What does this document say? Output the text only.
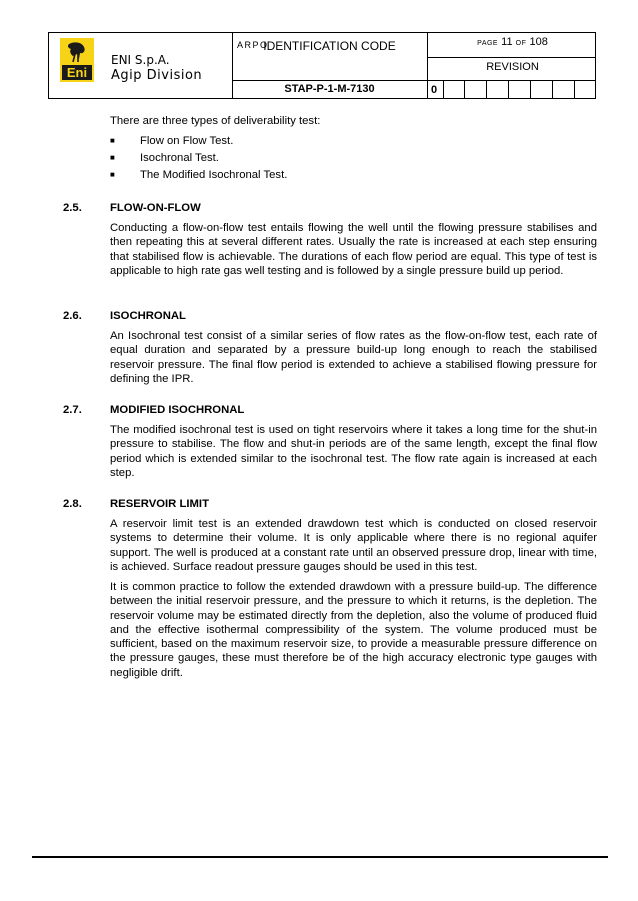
Eni
ARPO
ENI S.p.A.
Agip Division
IDENTIFICATION CODE
STAP-P-1-M-7130
PAGE 11 OF 108
REVISION
0

There are three types of deliverability test:

■ Flow on Flow Test.
■ Isochronal Test.
■ The Modified Isochronal Test.
2.5. FLOW-ON-FLOW

Conducting a flow-on-flow test entails flowing the well until the flowing pressure stabilises and then repeating this at several different rates. Usually the rate is increased at each step ensuring that stabilised flow is achievable. The durations of each flow period are equal. This type of test is applicable to high rate gas well testing and is followed by a single pressure build up period.

2.6. ISOCHRONAL

An Isochronal test consist of a similar series of flow rates as the flow-on-flow test, each rate of equal duration and separated by a pressure build-up long enough to reach the stabilised reservoir pressure. The final flow period is extended to achieve a stabilised flowing pressure for defining the IPR.

2.7. MODIFIED ISOCHRONAL

The modified isochronal test is used on tight reservoirs where it takes a long time for the shut-in pressure to stabilise. The flow and shut-in periods are of the same length, except the final flow period which is extended similar to the isochronal test. The flow rate again is increased at each step.

2.8. RESERVOIR LIMIT

A reservoir limit test is an extended drawdown test which is conducted on closed reservoir systems to determine their volume. It is only applicable where there is no regional aquifer support. The well is produced at a constant rate until an observed pressure drop, linear with time, is achieved. Surface readout pressure gauges should be used in this test.

It is common practice to follow the extended drawdown with a pressure build-up. The difference between the initial reservoir pressure, and the pressure to which it returns, is the depletion. The reservoir volume may be estimated directly from the depletion, also the volume of produced fluid and the effective isothermal compressibility of the system. The volume produced must be sufficient, based on the maximum reservoir size, to provide a measurable pressure difference on the pressure gauges, these must therefore be of the high accuracy electronic type gauges with negligible drift.
